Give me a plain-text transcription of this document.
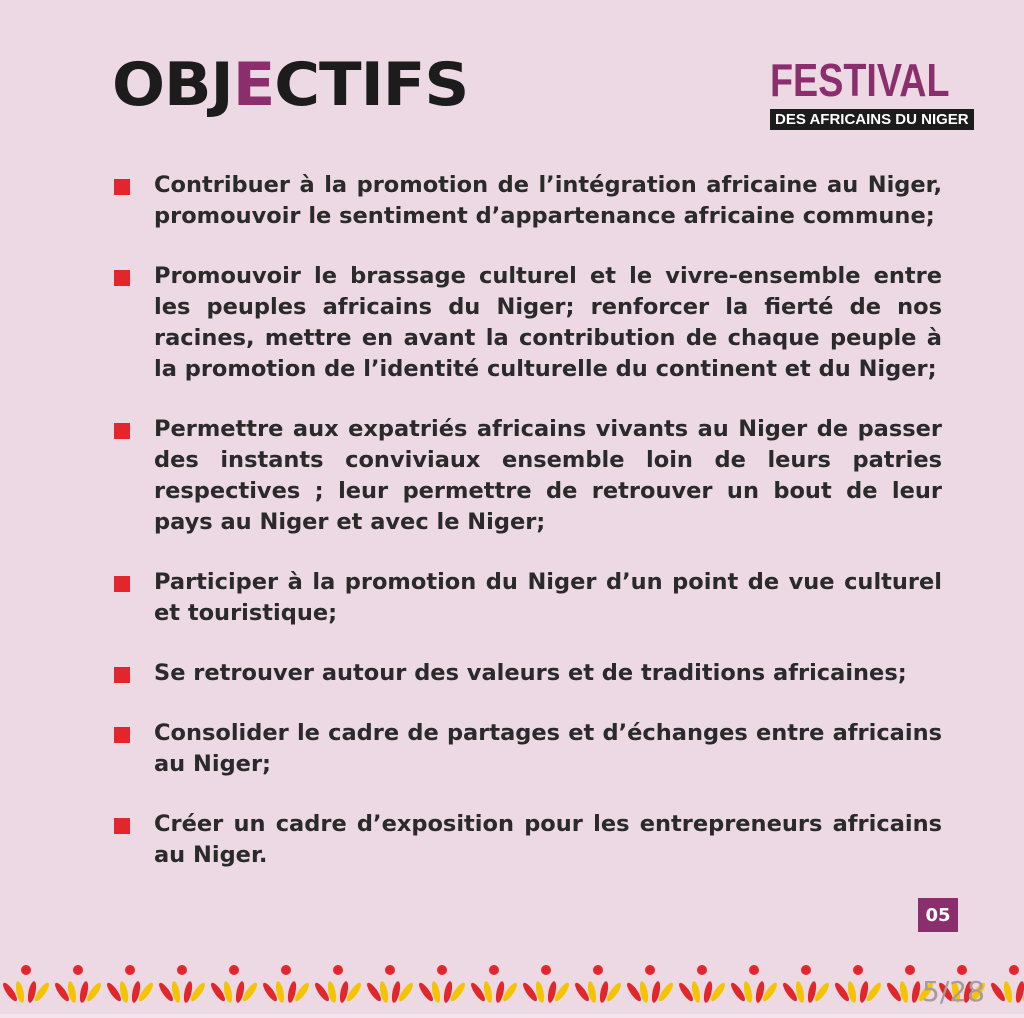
OBJECTIFS	FESTIVAL
DES AFRICAINS DU NIGER
Contribuer à la promotion de l’intégration africaine au Niger, promouvoir le sentiment d’appartenance africaine commune;
Promouvoir le brassage culturel et le vivre-ensemble entre les peuples africains du Niger; renforcer la fierté de nos racines, mettre en avant la contribution de chaque peuple à la promotion de l’identité culturelle du continent et du Niger;
Permettre aux expatriés africains vivants au Niger de passer des instants conviviaux ensemble loin de leurs patries respectives ; leur permettre de retrouver un bout de leur pays au Niger et avec le Niger;
Participer à la promotion du Niger d’un point de vue culturel et touristique;
Se retrouver autour des valeurs et de traditions africaines;
Consolider le cadre de partages et d’échanges entre africains au Niger;
Créer un cadre d’exposition pour les entrepreneurs africains au Niger.
05
5/28
